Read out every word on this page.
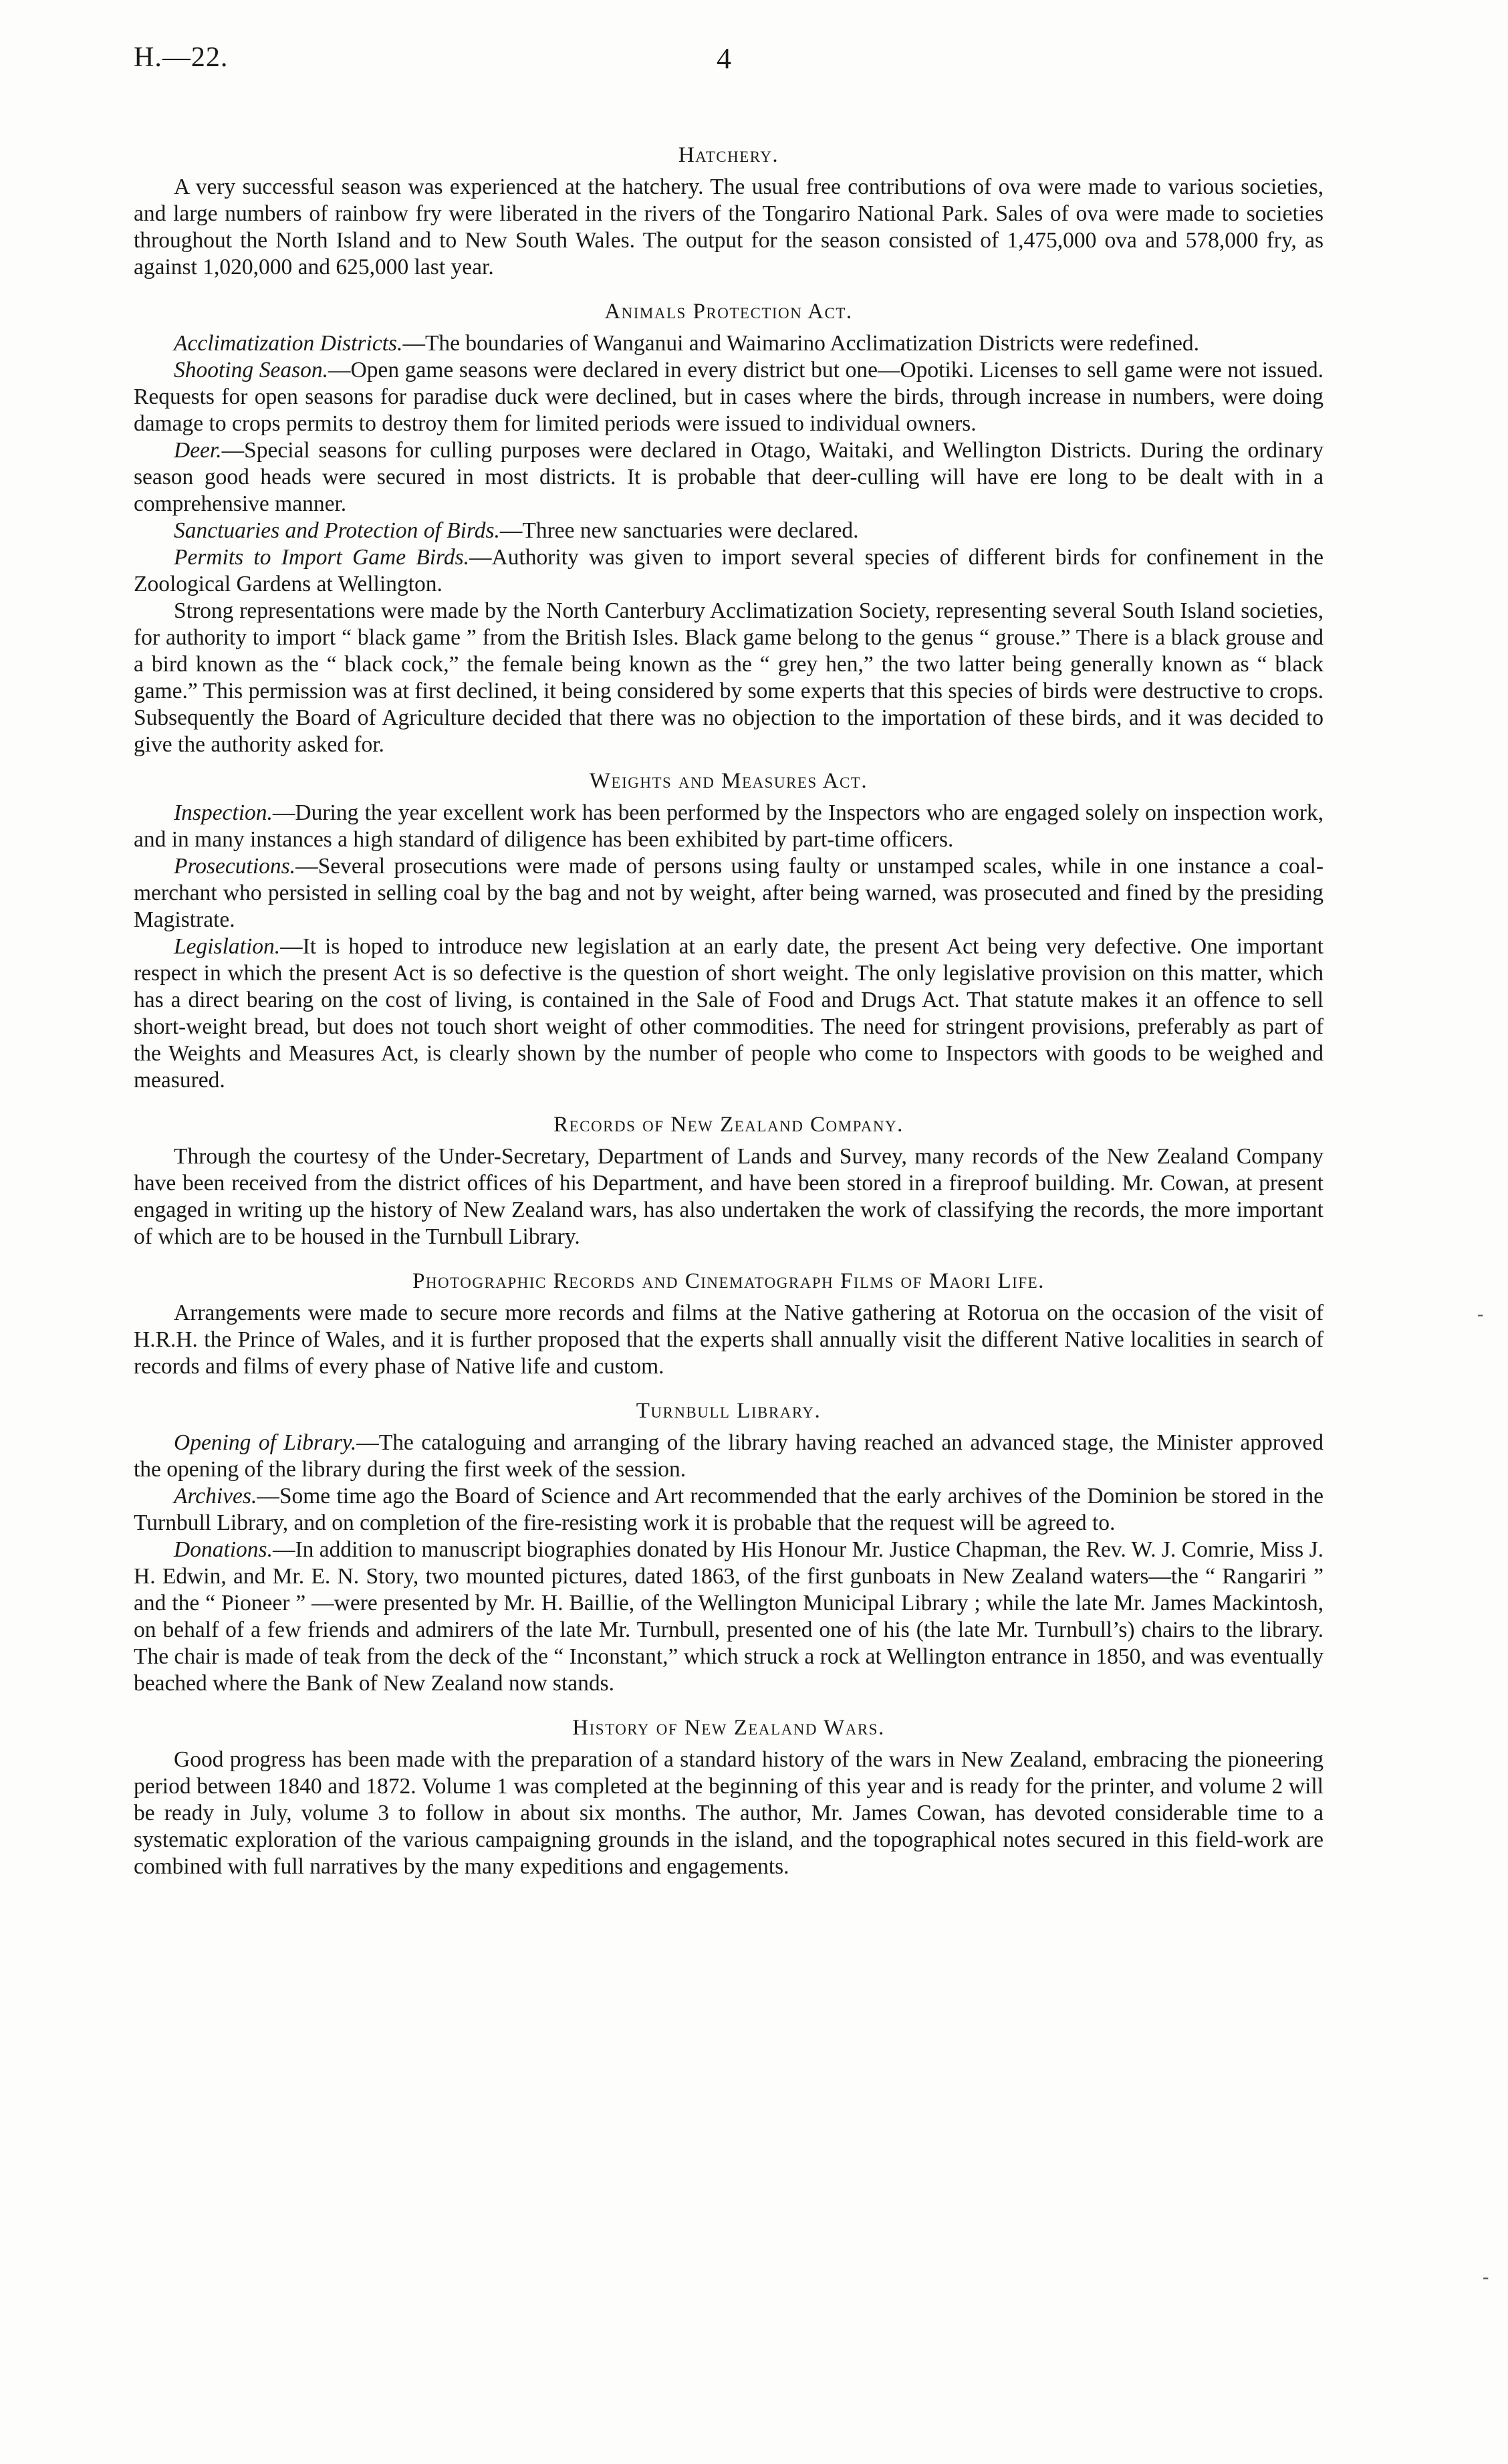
H.—22.	4
-
-
Hatchery.

A very successful season was experienced at the hatchery. The usual free contributions of ova were made to various societies, and large numbers of rainbow fry were liberated in the rivers of the Tongariro National Park. Sales of ova were made to societies throughout the North Island and to New South Wales. The output for the season consisted of 1,475,000 ova and 578,000 fry, as against 1,020,000 and 625,000 last year.

Animals Protection Act.

Acclimatization Districts.—The boundaries of Wanganui and Waimarino Acclimatization Districts were redefined.

Shooting Season.—Open game seasons were declared in every district but one—Opotiki. Licenses to sell game were not issued. Requests for open seasons for paradise duck were declined, but in cases where the birds, through increase in numbers, were doing damage to crops permits to destroy them for limited periods were issued to individual owners.

Deer.—Special seasons for culling purposes were declared in Otago, Waitaki, and Wellington Districts. During the ordinary season good heads were secured in most districts. It is probable that deer-culling will have ere long to be dealt with in a comprehensive manner.

Sanctuaries and Protection of Birds.—Three new sanctuaries were declared.

Permits to Import Game Birds.—Authority was given to import several species of different birds for confinement in the Zoological Gardens at Wellington.

Strong representations were made by the North Canterbury Acclimatization Society, representing several South Island societies, for authority to import “ black game ” from the British Isles. Black game belong to the genus “ grouse.” There is a black grouse and a bird known as the “ black cock,” the female being known as the “ grey hen,” the two latter being generally known as “ black game.” This permission was at first declined, it being considered by some experts that this species of birds were destructive to crops. Subsequently the Board of Agriculture decided that there was no objection to the importation of these birds, and it was decided to give the authority asked for.

Weights and Measures Act.

Inspection.—During the year excellent work has been performed by the Inspectors who are engaged solely on inspection work, and in many instances a high standard of diligence has been exhibited by part-time officers.

Prosecutions.—Several prosecutions were made of persons using faulty or unstamped scales, while in one instance a coal-merchant who persisted in selling coal by the bag and not by weight, after being warned, was prosecuted and fined by the presiding Magistrate.

Legislation.—It is hoped to introduce new legislation at an early date, the present Act being very defective. One important respect in which the present Act is so defective is the question of short weight. The only legislative provision on this matter, which has a direct bearing on the cost of living, is contained in the Sale of Food and Drugs Act. That statute makes it an offence to sell short-weight bread, but does not touch short weight of other commodities. The need for stringent provisions, preferably as part of the Weights and Measures Act, is clearly shown by the number of people who come to Inspectors with goods to be weighed and measured.

Records of New Zealand Company.

Through the courtesy of the Under-Secretary, Department of Lands and Survey, many records of the New Zealand Company have been received from the district offices of his Department, and have been stored in a fireproof building. Mr. Cowan, at present engaged in writing up the history of New Zealand wars, has also undertaken the work of classifying the records, the more important of which are to be housed in the Turnbull Library.

Photographic Records and Cinematograph Films of Maori Life.

Arrangements were made to secure more records and films at the Native gathering at Rotorua on the occasion of the visit of H.R.H. the Prince of Wales, and it is further proposed that the experts shall annually visit the different Native localities in search of records and films of every phase of Native life and custom.

Turnbull Library.

Opening of Library.—The cataloguing and arranging of the library having reached an advanced stage, the Minister approved the opening of the library during the first week of the session.

Archives.—Some time ago the Board of Science and Art recommended that the early archives of the Dominion be stored in the Turnbull Library, and on completion of the fire-resisting work it is probable that the request will be agreed to.

Donations.—In addition to manuscript biographies donated by His Honour Mr. Justice Chapman, the Rev. W. J. Comrie, Miss J. H. Edwin, and Mr. E. N. Story, two mounted pictures, dated 1863, of the first gunboats in New Zealand waters—the “ Rangariri ” and the “ Pioneer ” —were presented by Mr. H. Baillie, of the Wellington Municipal Library ; while the late Mr. James Mackintosh, on behalf of a few friends and admirers of the late Mr. Turnbull, presented one of his (the late Mr. Turnbull’s) chairs to the library. The chair is made of teak from the deck of the “ Inconstant,” which struck a rock at Wellington entrance in 1850, and was eventually beached where the Bank of New Zealand now stands.

History of New Zealand Wars.

Good progress has been made with the preparation of a standard history of the wars in New Zealand, embracing the pioneering period between 1840 and 1872. Volume 1 was completed at the beginning of this year and is ready for the printer, and volume 2 will be ready in July, volume 3 to follow in about six months. The author, Mr. James Cowan, has devoted considerable time to a systematic exploration of the various campaigning grounds in the island, and the topographical notes secured in this field-work are combined with full narratives by the many expeditions and engagements.
